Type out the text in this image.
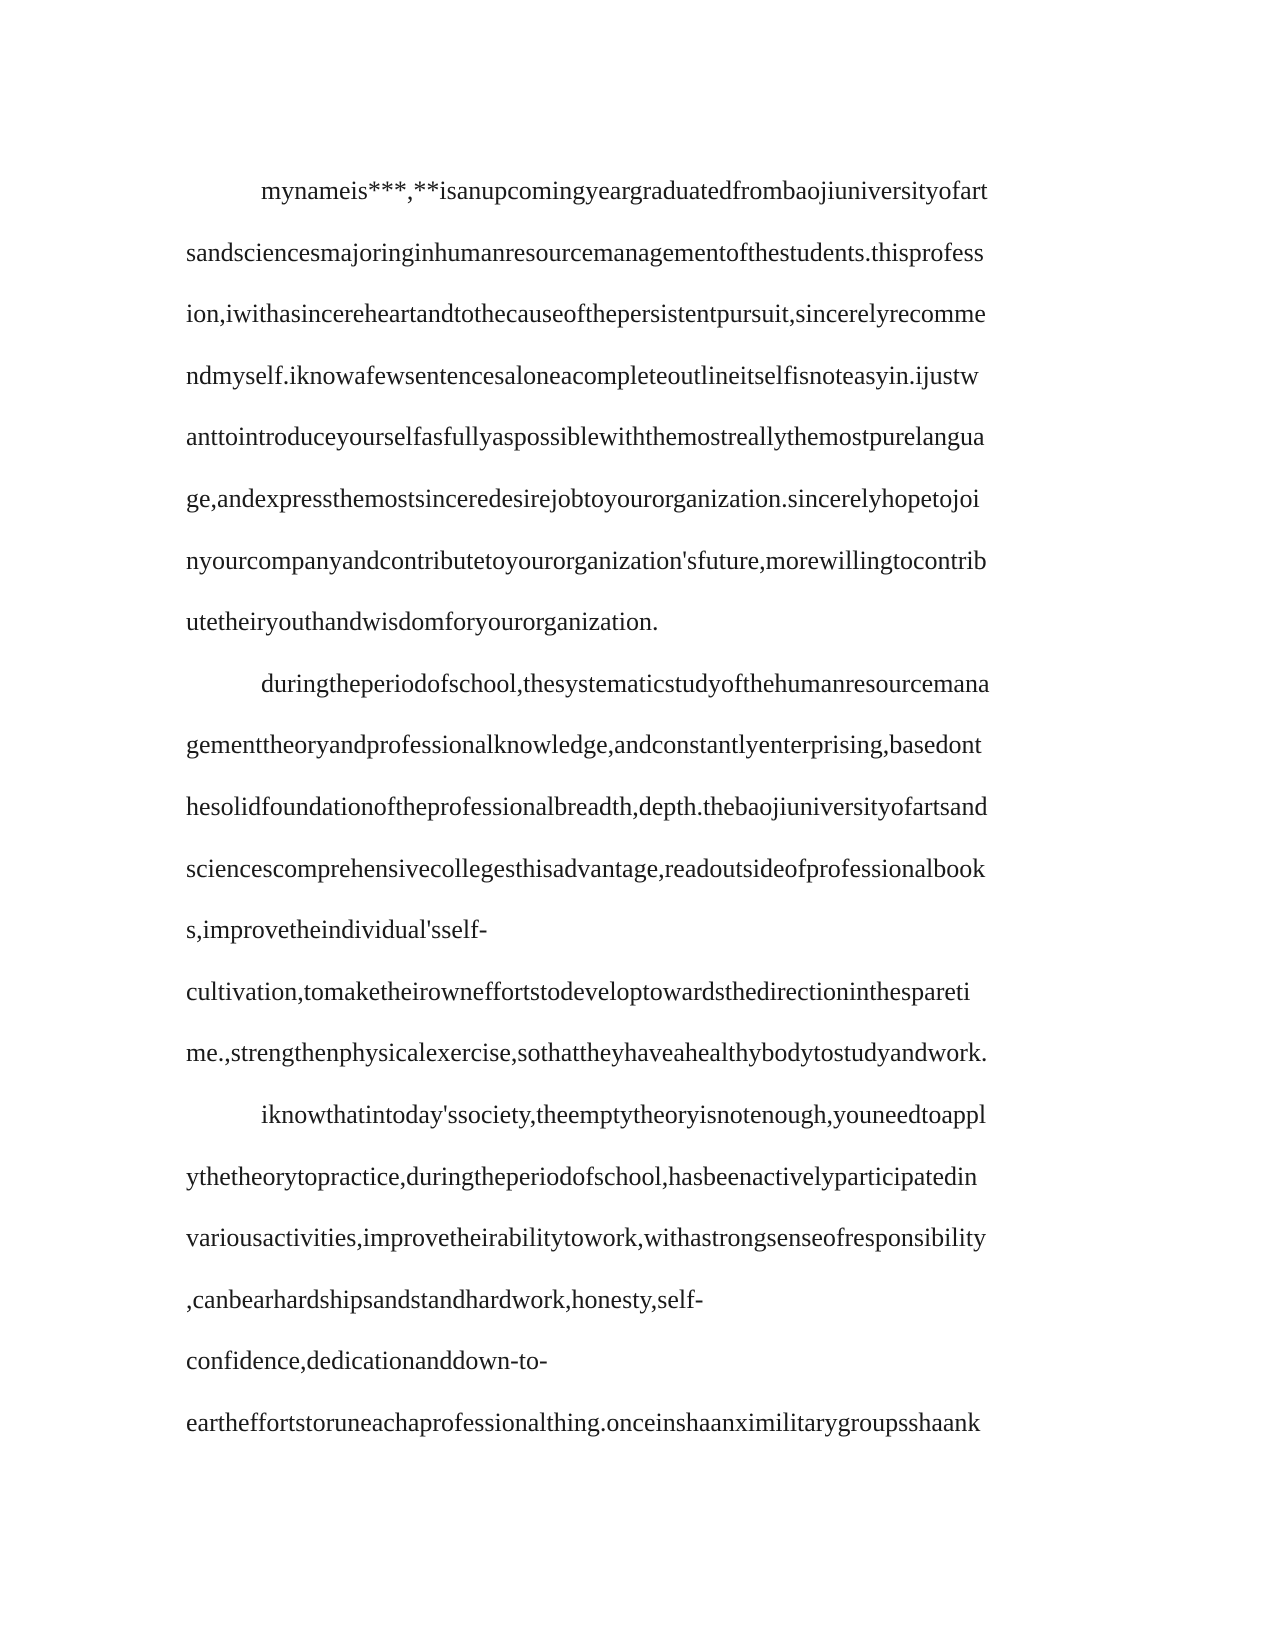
mynameis***,**isanupcomingyeargraduatedfrombaojiuniversityofart
sandsciencesmajoringinhumanresourcemanagementofthestudents.thisprofess
ion,iwithasincereheartandtothecauseofthepersistentpursuit,sincerelyrecomme
ndmyself.iknowafewsentencesaloneacompleteoutlineitselfisnoteasyin.ijustw
anttointroduceyourselfasfullyaspossiblewiththemostreallythemostpurelangua
ge,andexpressthemostsinceredesirejobtoyourorganization.sincerelyhopetojoi
nyourcompanyandcontributetoyourorganization'sfuture,morewillingtocontrib
utetheiryouthandwisdomforyourorganization.
duringtheperiodofschool,thesystematicstudyofthehumanresourcemana
gementtheoryandprofessionalknowledge,andconstantlyenterprising,basedont
hesolidfoundationoftheprofessionalbreadth,depth.thebaojiuniversityofartsand
sciencescomprehensivecollegesthisadvantage,readoutsideofprofessionalbook
s,improvetheindividual'sself-
cultivation,tomaketheirowneffortstodeveloptowardsthedirectioninthespareti
me.,strengthenphysicalexercise,sothattheyhaveahealthybodytostudyandwork.
iknowthatintoday'ssociety,theemptytheoryisnotenough,youneedtoappl
ythetheorytopractice,duringtheperiodofschool,hasbeenactivelyparticipatedin
variousactivities,improvetheirabilitytowork,withastrongsenseofresponsibility
,canbearhardshipsandstandhardwork,honesty,self-
confidence,dedicationanddown-to-
eartheffortstoruneachaprofessionalthing.onceinshaanximilitarygroupsshaank
